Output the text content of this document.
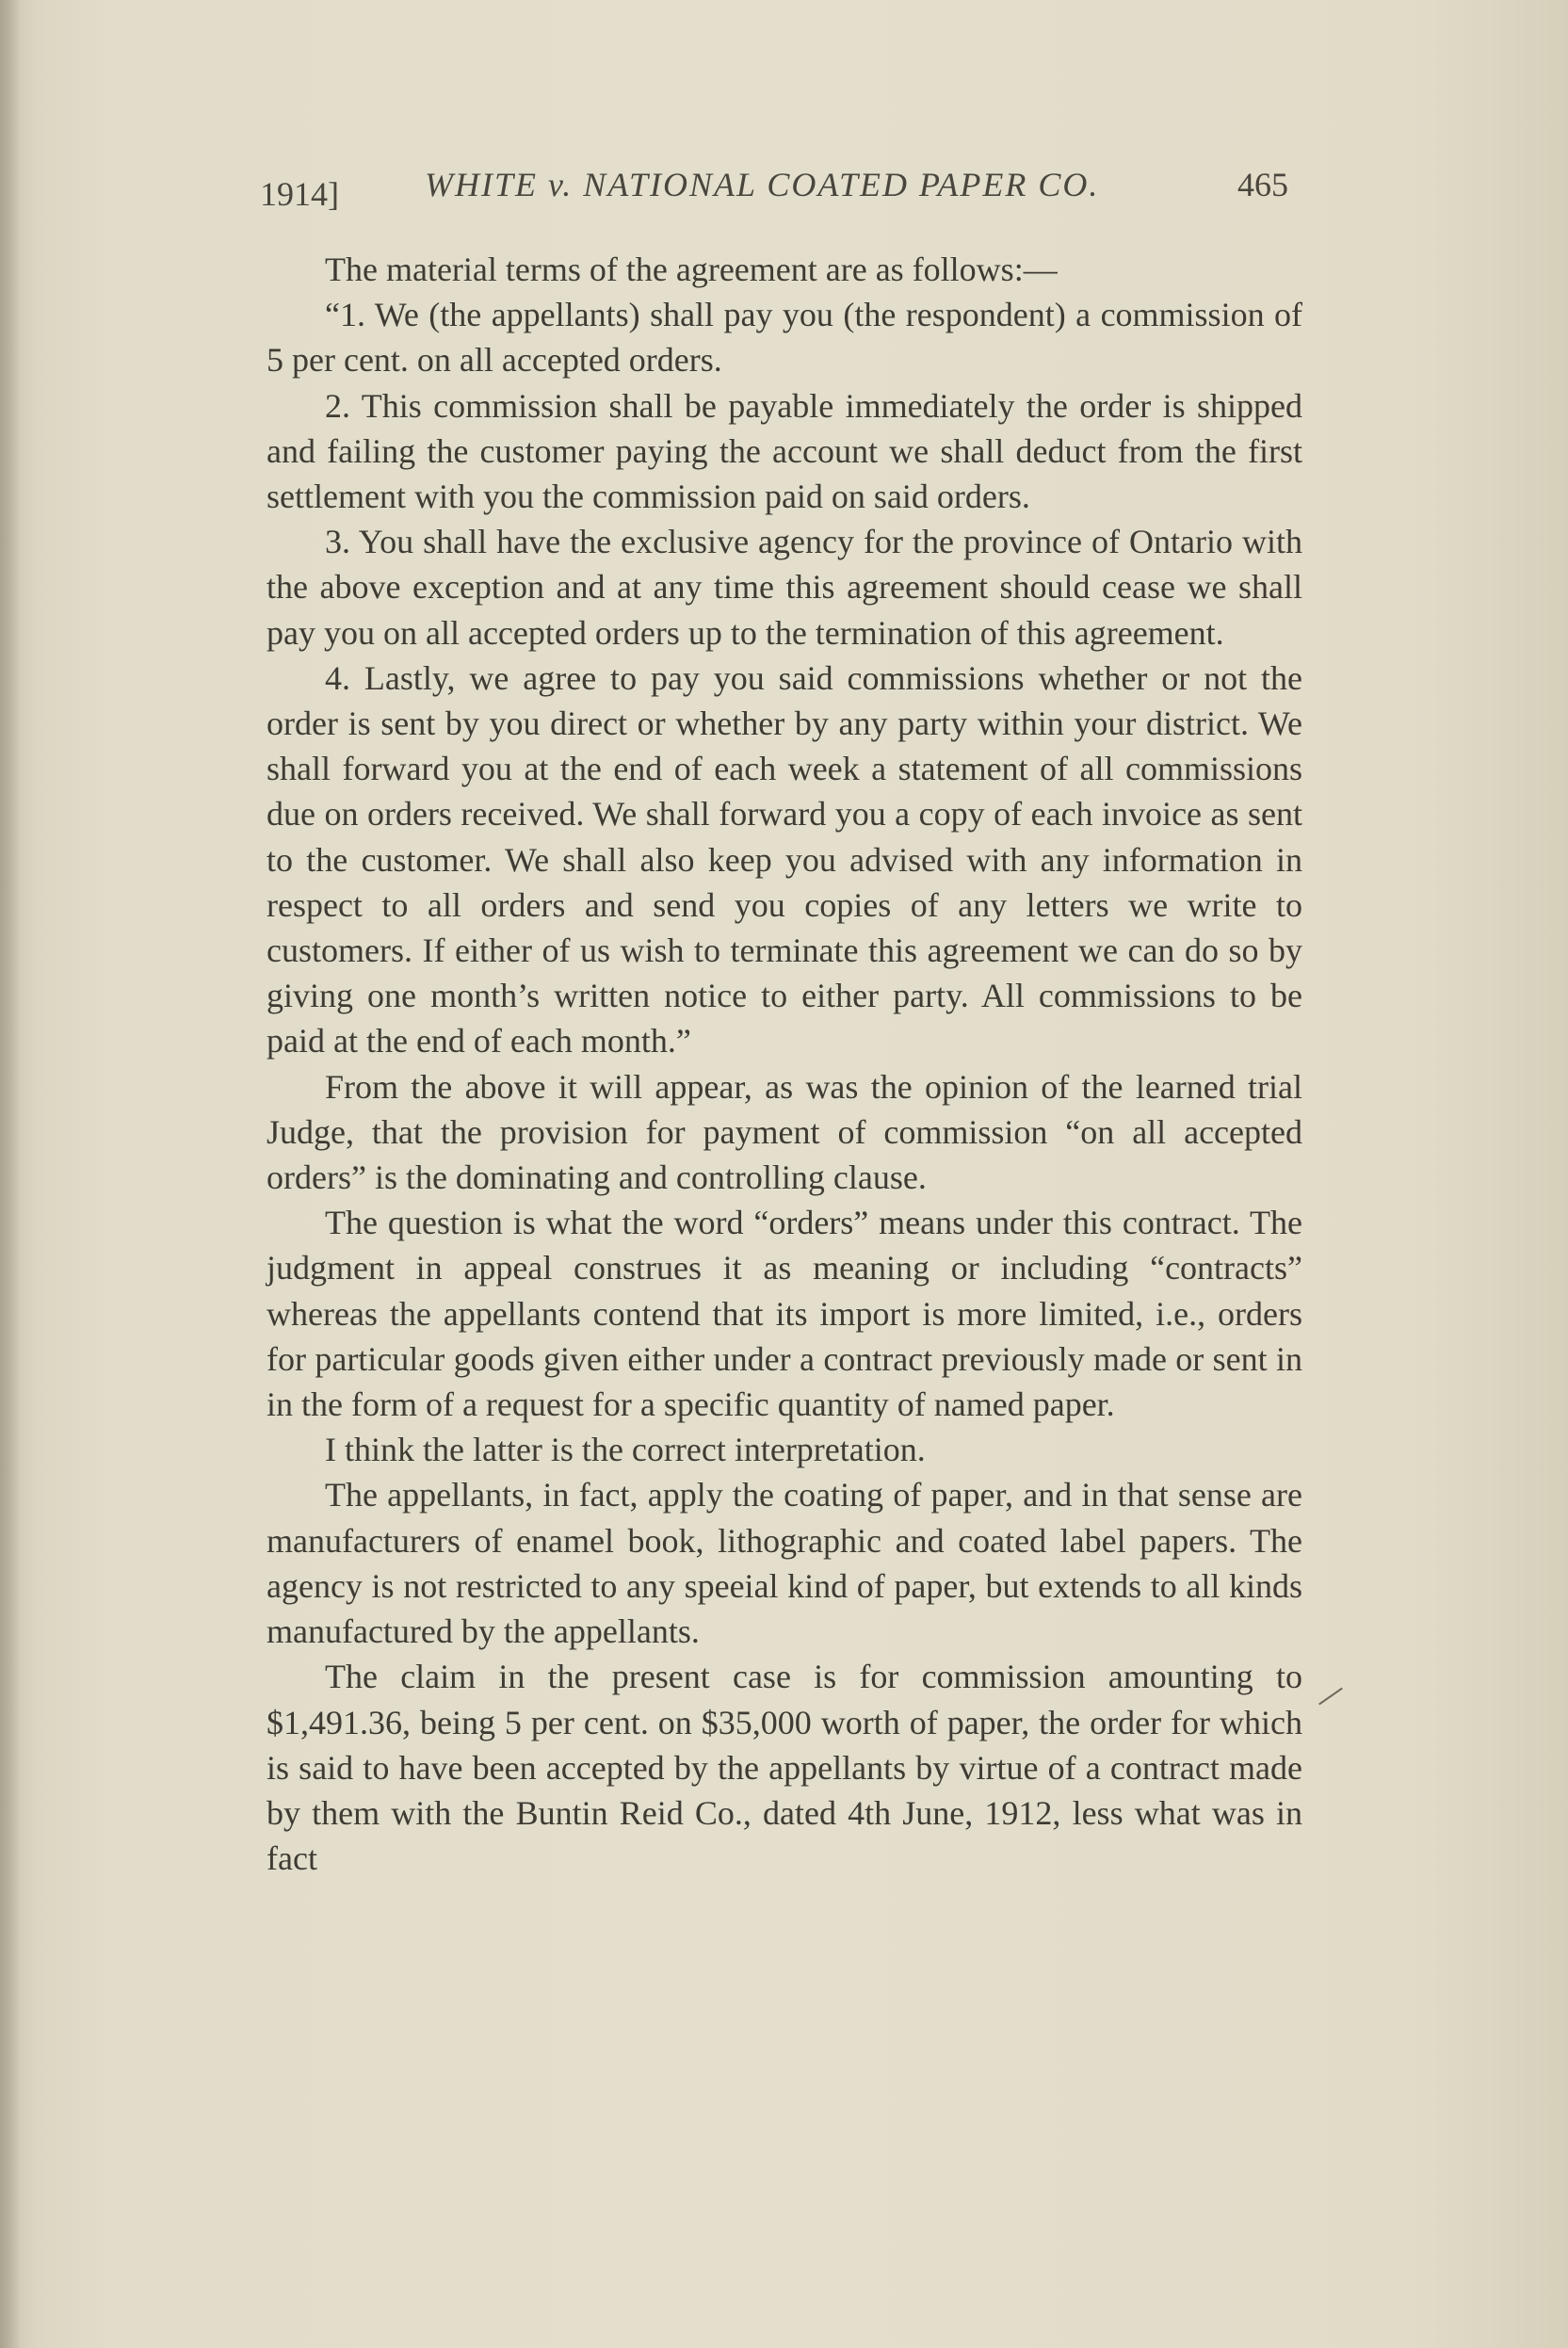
1914]	WHITE v. NATIONAL COATED PAPER CO.	465

The material terms of the agreement are as follows:—

“1. We (the appellants) shall pay you (the respondent) a commission of 5 per cent. on all accepted orders.

2. This commission shall be payable immediately the order is shipped and failing the customer paying the account we shall deduct from the first settlement with you the commission paid on said orders.

3. You shall have the exclusive agency for the province of Ontario with the above exception and at any time this agreement should cease we shall pay you on all accepted orders up to the termination of this agreement.

4. Lastly, we agree to pay you said commissions whether or not the order is sent by you direct or whether by any party within your district. We shall forward you at the end of each week a statement of all commissions due on orders received. We shall forward you a copy of each invoice as sent to the customer. We shall also keep you advised with any information in respect to all orders and send you copies of any letters we write to customers. If either of us wish to terminate this agreement we can do so by giving one month’s written notice to either party. All commissions to be paid at the end of each month.”

From the above it will appear, as was the opinion of the learned trial Judge, that the provision for payment of commission “on all accepted orders” is the dominating and controlling clause.

The question is what the word “orders” means under this contract. The judgment in appeal construes it as meaning or including “contracts” whereas the appellants contend that its import is more limited, i.e., orders for particular goods given either under a contract previously made or sent in in the form of a request for a specific quantity of named paper.

I think the latter is the correct interpretation.

The appellants, in fact, apply the coating of paper, and in that sense are manufacturers of enamel book, lithographic and coated label papers. The agency is not restricted to any speeial kind of paper, but extends to all kinds manufactured by the appellants.

The claim in the present case is for commission amounting to $1,491.36, being 5 per cent. on $35,000 worth of paper, the order for which is said to have been accepted by the appellants by virtue of a contract made by them with the Buntin Reid Co., dated 4th June, 1912, less what was in fact
